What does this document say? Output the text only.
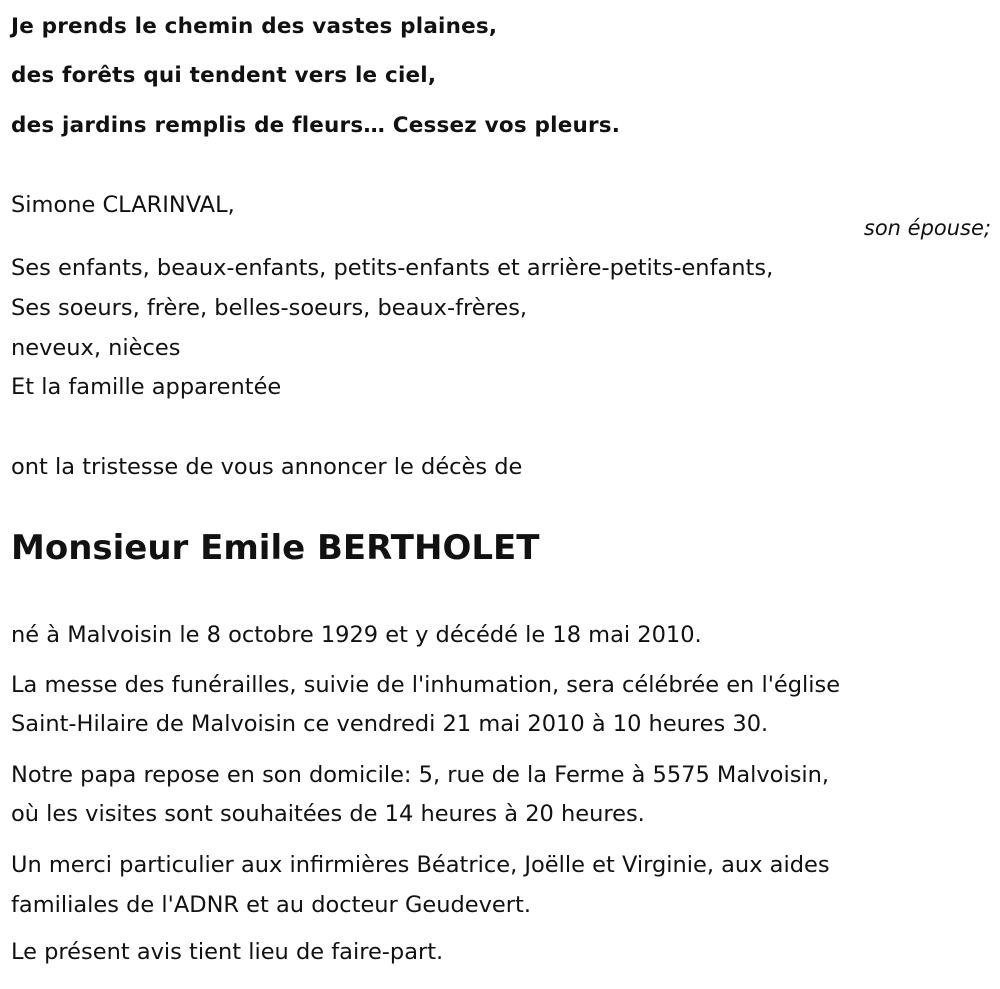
Je prends le chemin des vastes plaines,
des forêts qui tendent vers le ciel,
des jardins remplis de fleurs… Cessez vos pleurs.
Simone CLARINVAL,
son épouse;
Ses enfants, beaux-enfants, petits-enfants et arrière-petits-enfants,
Ses soeurs, frère, belles-soeurs, beaux-frères,
neveux, nièces
Et la famille apparentée
ont la tristesse de vous annoncer le décès de
Monsieur Emile BERTHOLET
né à Malvoisin le 8 octobre 1929 et y décédé le 18 mai 2010.
La messe des funérailles, suivie de l'inhumation, sera célébrée en l'église
Saint-Hilaire de Malvoisin ce vendredi 21 mai 2010 à 10 heures 30.
Notre papa repose en son domicile: 5, rue de la Ferme à 5575 Malvoisin,
où les visites sont souhaitées de 14 heures à 20 heures.
Un merci particulier aux infirmières Béatrice, Joëlle et Virginie, aux aides
familiales de l'ADNR et au docteur Geudevert.
Le présent avis tient lieu de faire-part.
